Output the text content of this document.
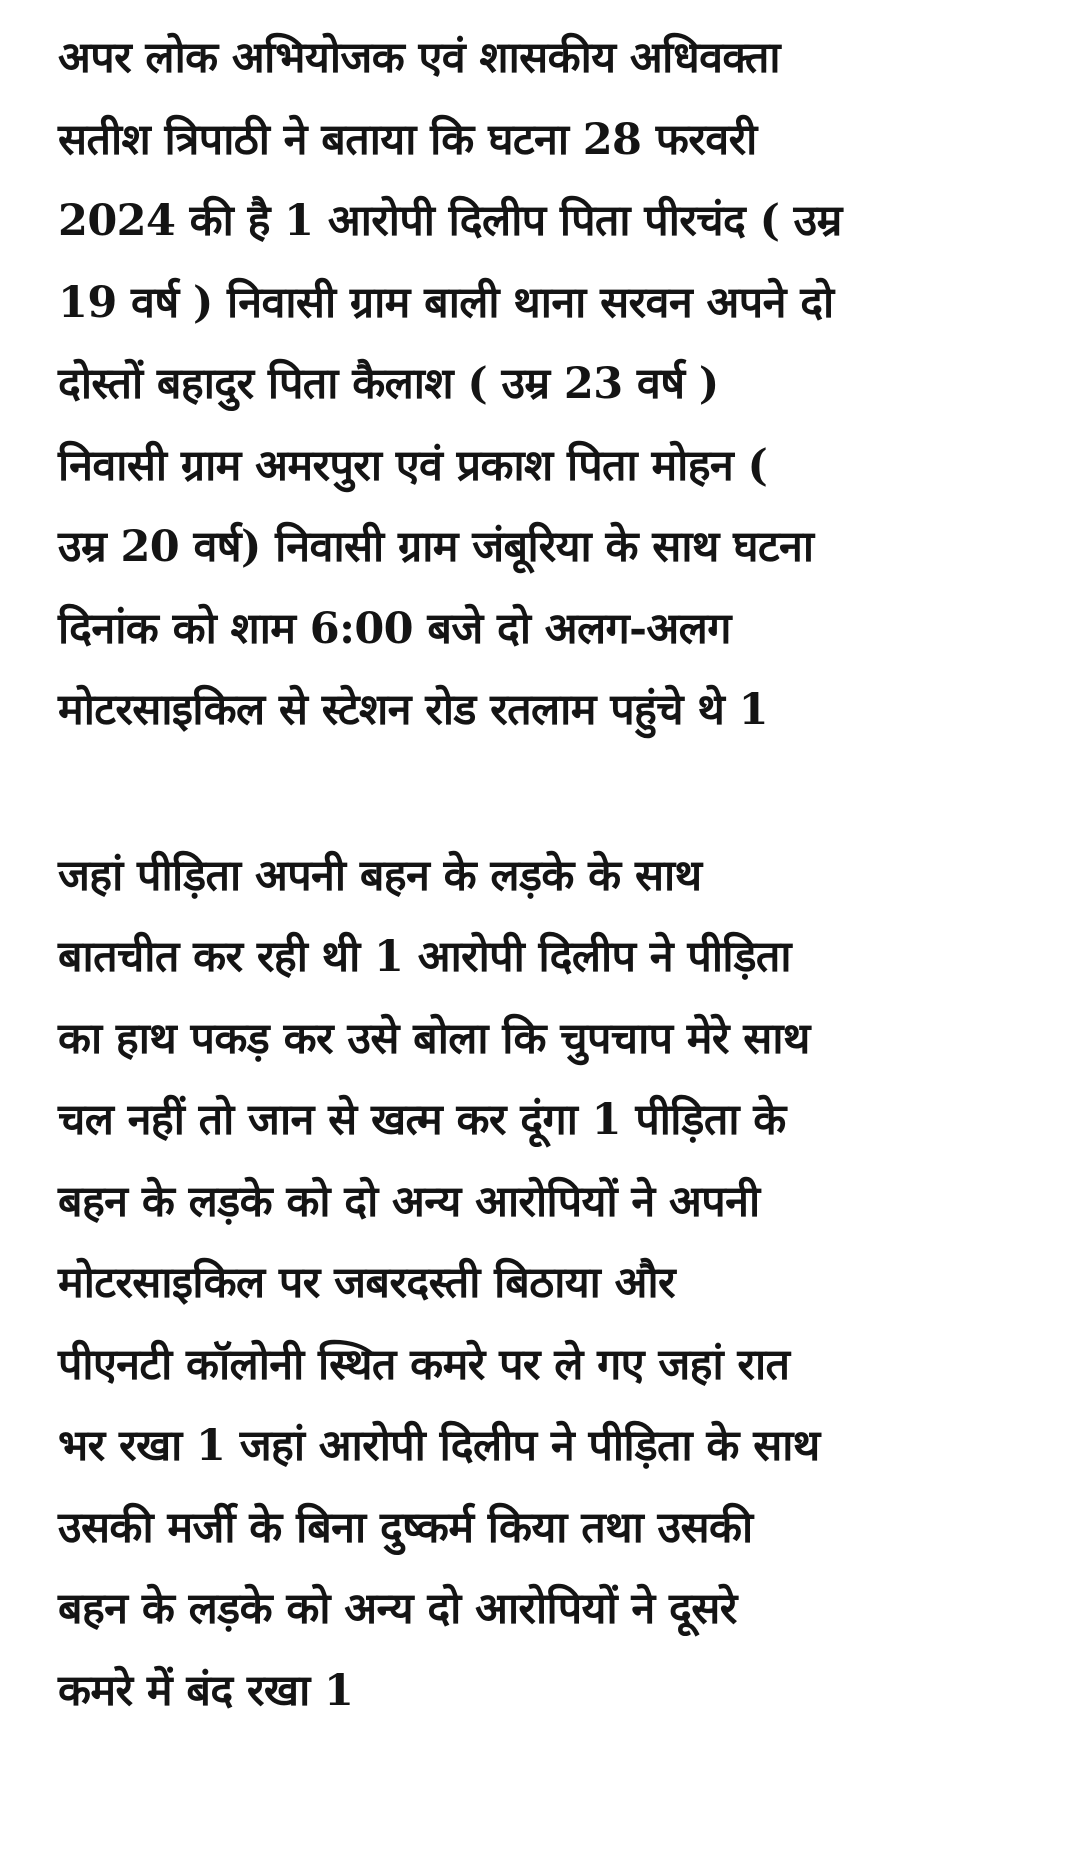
अपर लोक अभियोजक एवं शासकीय अधिवक्ता
सतीश त्रिपाठी ने बताया कि घटना 28 फरवरी
2024 की है 1 आरोपी दिलीप पिता पीरचंद ( उम्र
19 वर्ष ) निवासी ग्राम बाली थाना सरवन अपने दो
दोस्तों बहादुर पिता कैलाश ( उम्र 23 वर्ष )
निवासी ग्राम अमरपुरा एवं प्रकाश पिता मोहन (
उम्र 20 वर्ष) निवासी ग्राम जंबूरिया के साथ घटना
दिनांक को शाम 6:00 बजे दो अलग-अलग
मोटरसाइकिल से स्टेशन रोड रतलाम पहुंचे थे 1
जहां पीड़िता अपनी बहन के लड़के के साथ
बातचीत कर रही थी 1 आरोपी दिलीप ने पीड़िता
का हाथ पकड़ कर उसे बोला कि चुपचाप मेरे साथ
चल नहीं तो जान से खत्म कर दूंगा 1 पीड़िता के
बहन के लड़के को दो अन्य आरोपियों ने अपनी
मोटरसाइकिल पर जबरदस्ती बिठाया और
पीएनटी कॉलोनी स्थित कमरे पर ले गए जहां रात
भर रखा 1 जहां आरोपी दिलीप ने पीड़िता के साथ
उसकी मर्जी के बिना दुष्कर्म किया तथा उसकी
बहन के लड़के को अन्य दो आरोपियों ने दूसरे
कमरे में बंद रखा 1
